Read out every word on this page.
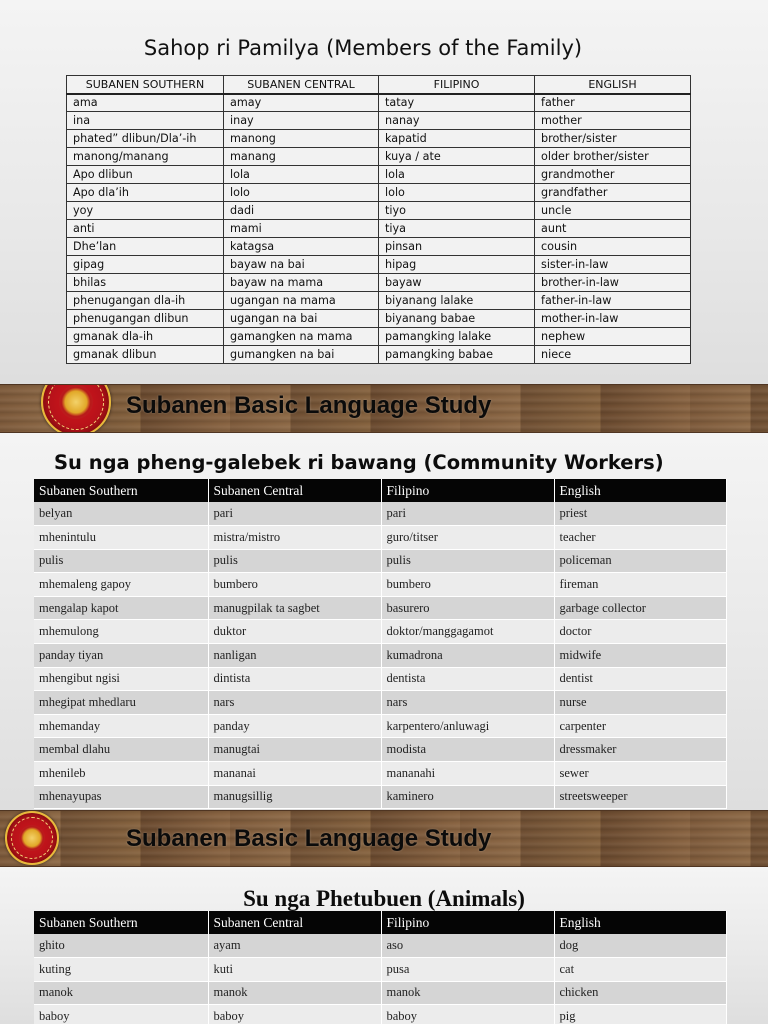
Sahop ri Pamilya (Members of the Family)
SUBANEN SOUTHERN	SUBANEN CENTRAL	FILIPINO	ENGLISH
ama	amay	tatay	father
ina	inay	nanay	mother
phated” dlibun/Dla’-ih	manong	kapatid	brother/sister
manong/manang	manang	kuya / ate	older brother/sister
Apo dlibun	lola	lola	grandmother
Apo dla’ih	lolo	lolo	grandfather
yoy	dadi	tiyo	uncle
anti	mami	tiya	aunt
Dhe’lan	katagsa	pinsan	cousin
gipag	bayaw na bai	hipag	sister-in-law
bhilas	bayaw na mama	bayaw	brother-in-law
phenugangan dla-ih	ugangan na mama	biyanang lalake	father-in-law
phenugangan dlibun	ugangan na bai	biyanang babae	mother-in-law
gmanak dla-ih	gamangken na mama	pamangking lalake	nephew
gmanak dlibun	gumangken na bai	pamangking babae	niece
Subanen Basic Language Study
Su nga pheng-galebek ri bawang (Community Workers)
Subanen Southern	Subanen Central	Filipino	English
belyan	pari	pari	priest
mhenintulu	mistra/mistro	guro/titser	teacher
pulis	pulis	pulis	policeman
mhemaleng gapoy	bumbero	bumbero	fireman
mengalap kapot	manugpilak ta sagbet	basurero	garbage collector
mhemulong	duktor	doktor/manggagamot	doctor
panday tiyan	nanligan	kumadrona	midwife
mhengibut ngisi	dintista	dentista	dentist
mhegipat mhedlaru	nars	nars	nurse
mhemanday	panday	karpentero/anluwagi	carpenter
membal dlahu	manugtai	modista	dressmaker
mhenileb	mananai	mananahi	sewer
mhenayupas	manugsillig	kaminero	streetsweeper
Subanen Basic Language Study
Su nga Phetubuen (Animals)
Subanen Southern	Subanen Central	Filipino	English
ghito	ayam	aso	dog
kuting	kuti	pusa	cat
manok	manok	manok	chicken
baboy	baboy	baboy	pig
